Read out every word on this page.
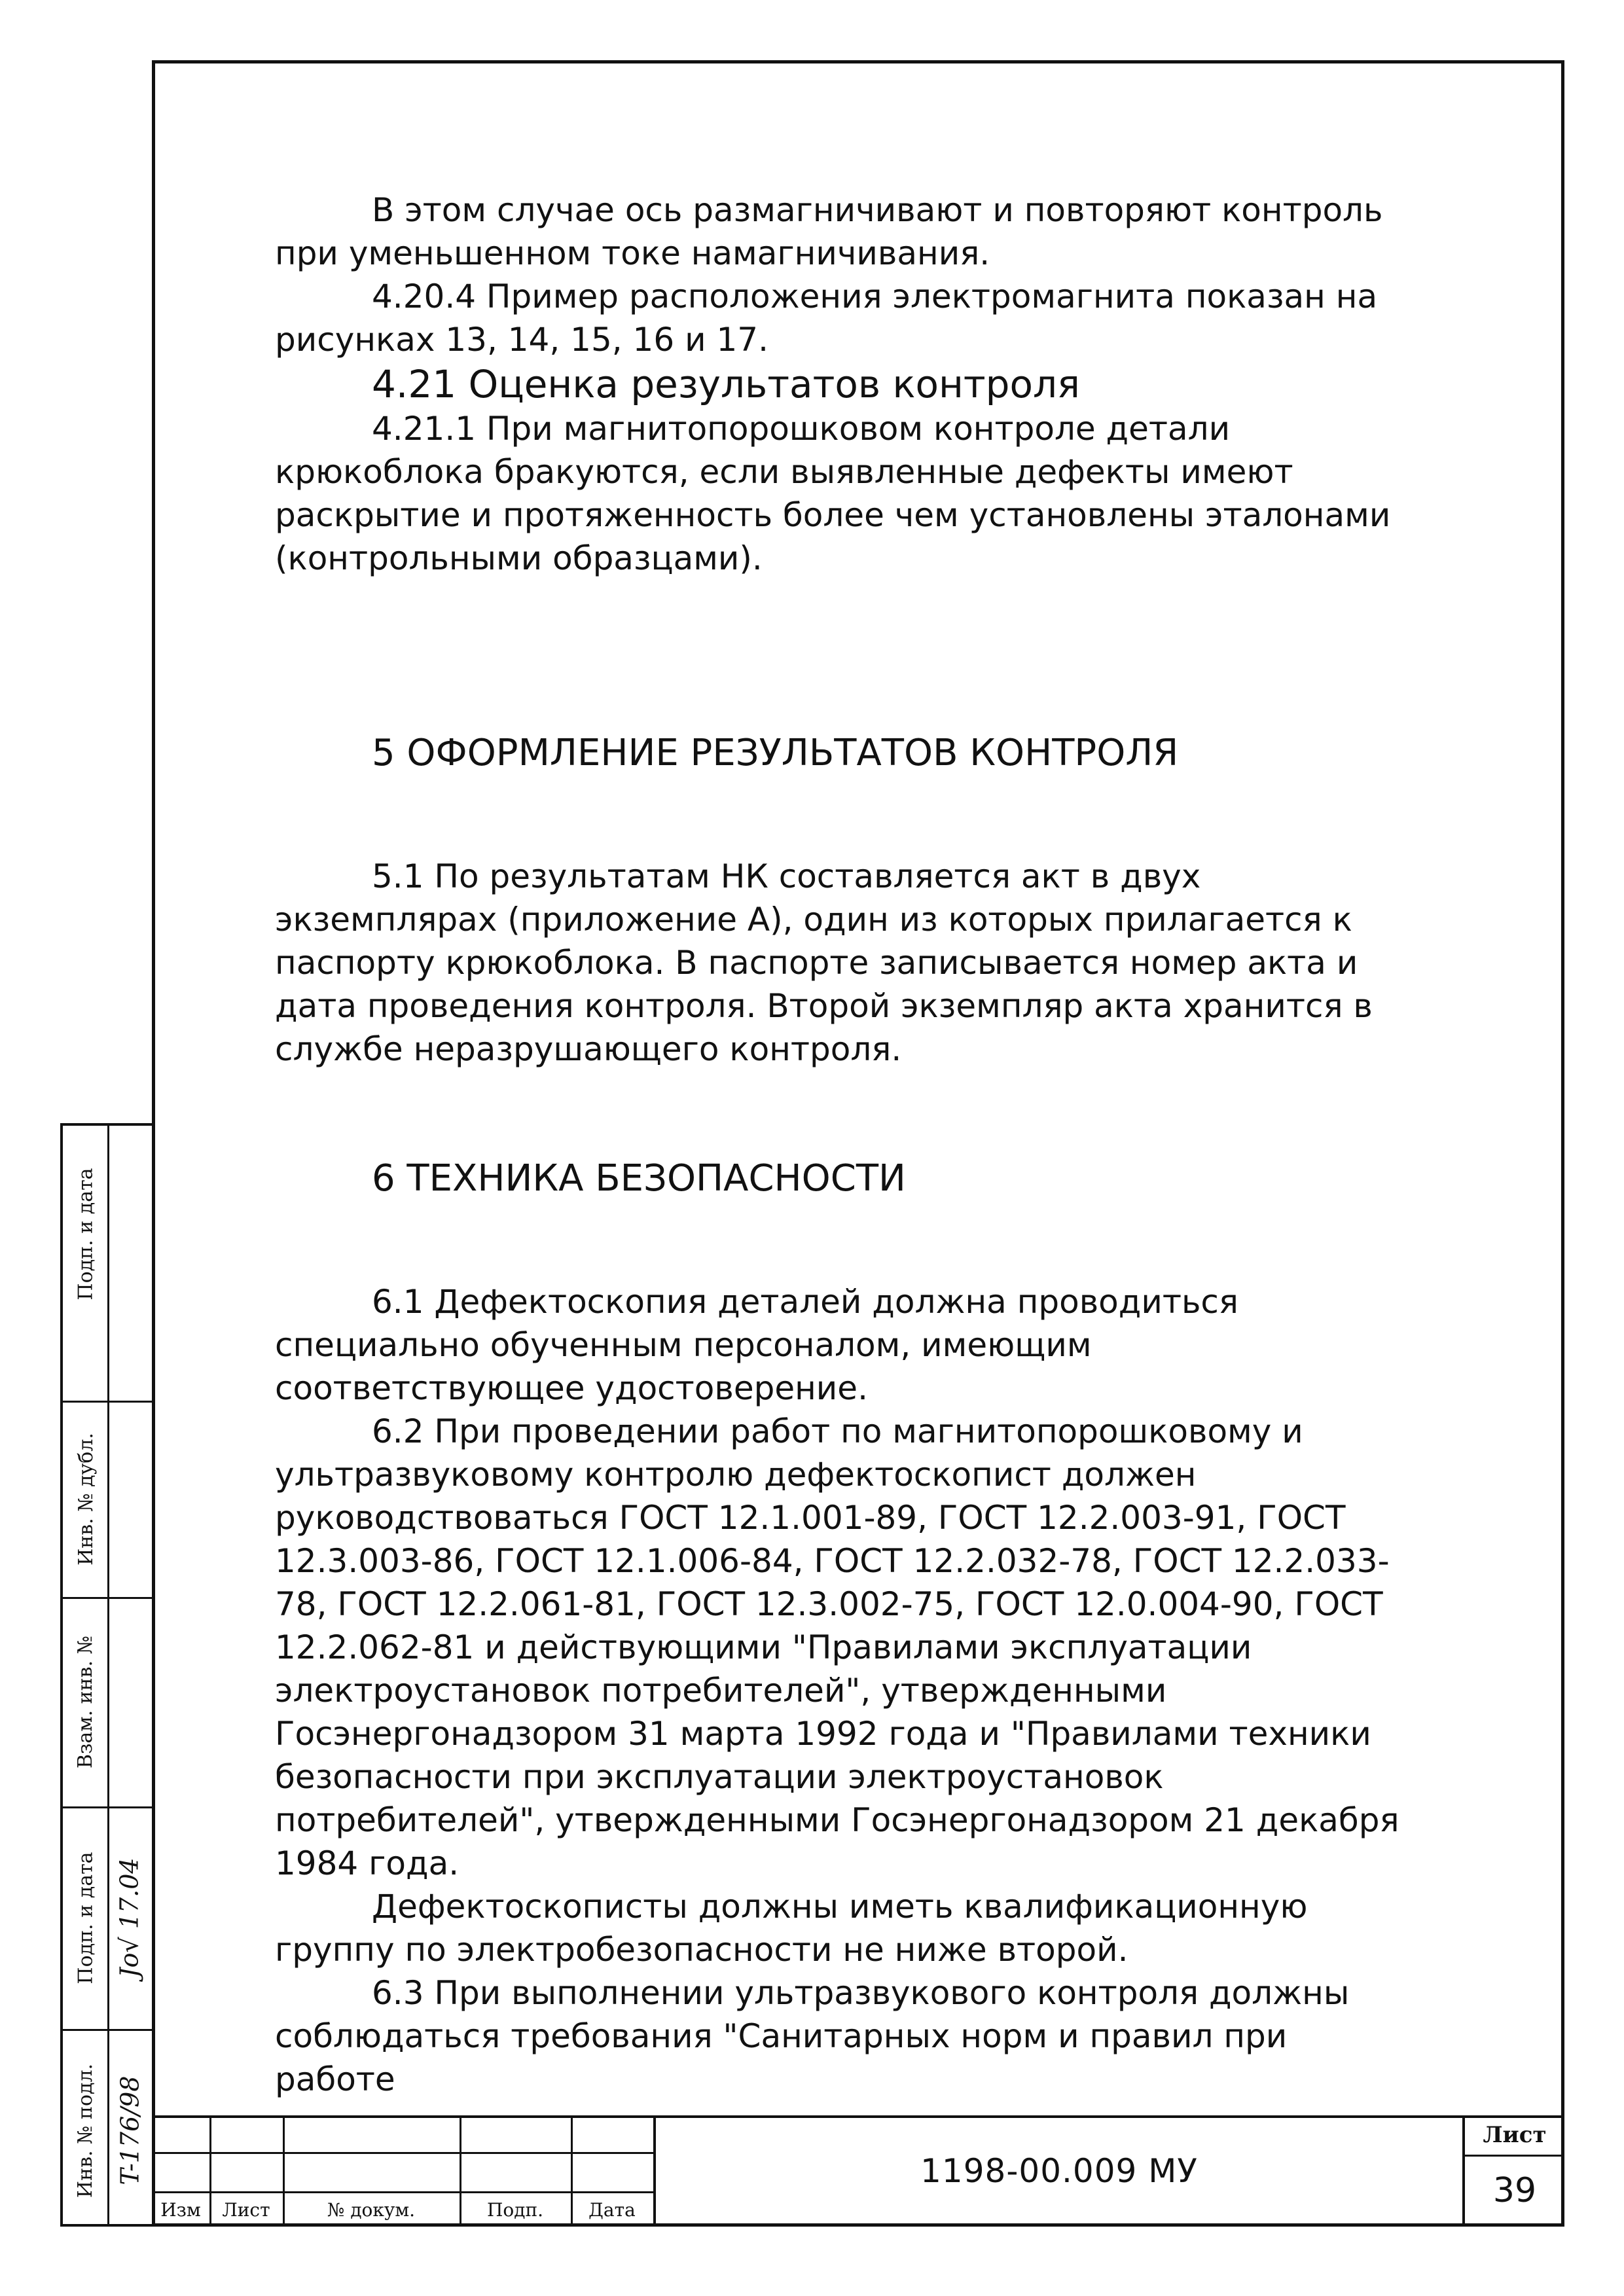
В этом случае ось размагничивают и повторяют контроль при уменьшенном токе намагничивания.

4.20.4 Пример расположения электромагнита показан на рисунках 13, 14, 15, 16 и 17.

4.21 Оценка результатов контроля

4.21.1 При магнитопорошковом контроле детали крюкоблока бракуются, если выявленные дефекты имеют раскрытие и протяженность более чем установлены эталонами (контрольными образцами).

5 ОФОРМЛЕНИЕ РЕЗУЛЬТАТОВ КОНТРОЛЯ

5.1 По результатам НК составляется акт в двух экземплярах (приложение А), один из которых прилагается к паспорту крюкоблока. В паспорте записывается номер акта и дата проведения контроля. Второй экземпляр акта хранится в службе неразрушающего контроля.

6 ТЕХНИКА БЕЗОПАСНОСТИ

6.1 Дефектоскопия деталей должна проводиться специально обученным персоналом, имеющим соответствующее удостоверение.

6.2 При проведении работ по магнитопорошковому и ультразвуковому контролю дефектоскопист должен руководствоваться ГОСТ 12.1.001-89, ГОСТ 12.2.003-91, ГОСТ 12.3.003-86, ГОСТ 12.1.006-84, ГОСТ 12.2.032-78, ГОСТ 12.2.033-78, ГОСТ 12.2.061-81, ГОСТ 12.3.002-75, ГОСТ 12.0.004-90, ГОСТ 12.2.062-81 и действующими "Правилами эксплуатации электроустановок потребителей", утвержденными Госэнергонадзором 31 марта 1992 года и "Правилами техники безопасности при эксплуатации электроустановок потребителей", утвержденными Госэнергонадзором 21 декабря 1984 года.

Дефектоскописты должны иметь квалификационную группу по электробезопасности не ниже второй.

6.3 При выполнении ультразвукового контроля должны соблюдаться требования "Санитарных норм и правил при работе

Подп. и дата
Инв. № дубл.
Взам. инв. №
Подп. и дата Jo√ 17.04
Инв. № подл. T-176/98
Изм	Лист	№ докум.	Подп.	Дата
1198-00.009 МУ
Лист
39
